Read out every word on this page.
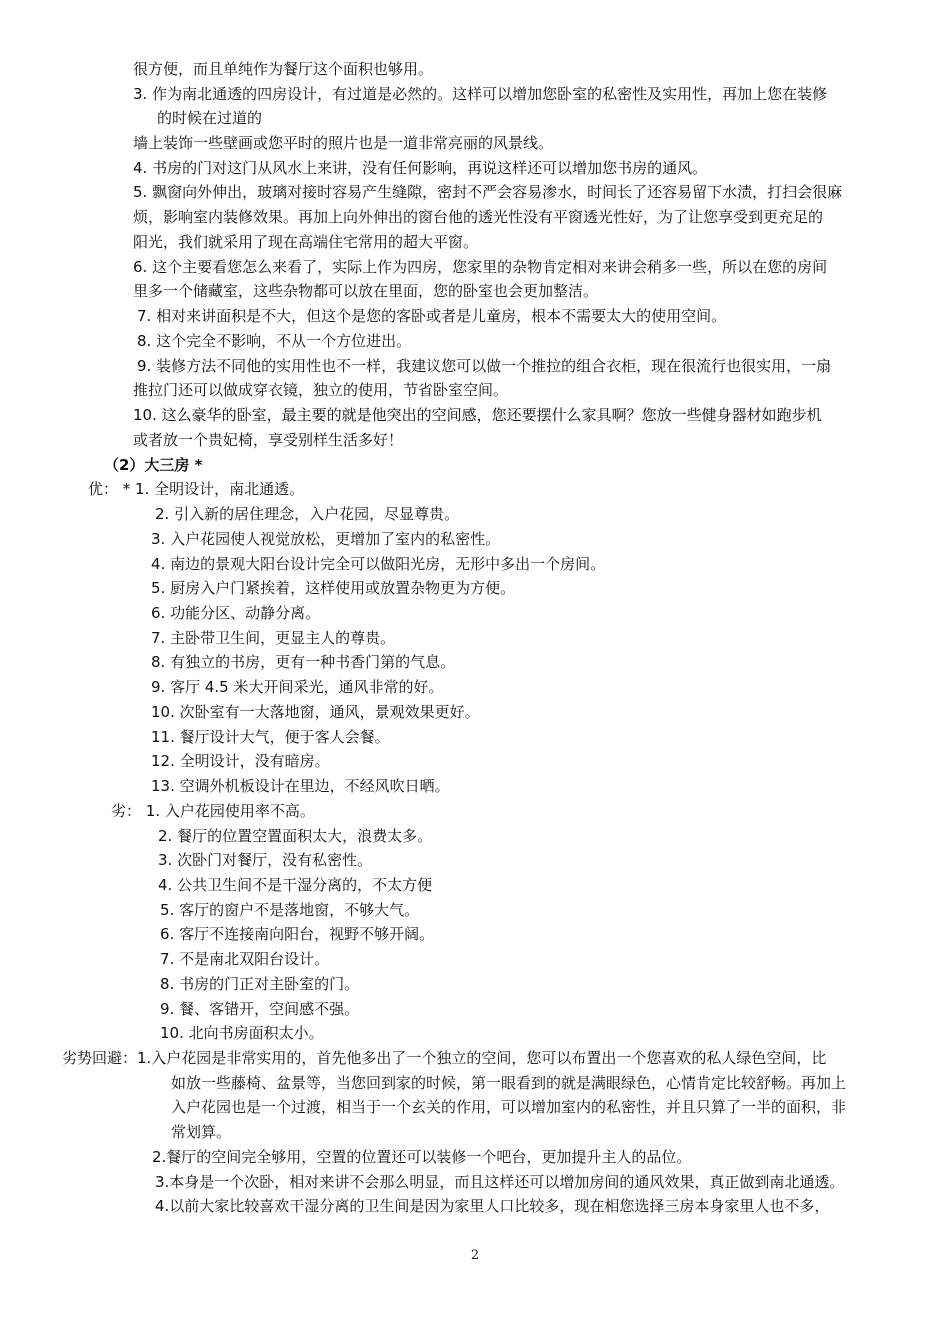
很方便，而且单纯作为餐厅这个面积也够用。
3. 作为南北通透的四房设计，有过道是必然的。这样可以增加您卧室的私密性及实用性，再加上您在装修
的时候在过道的
墙上装饰一些壁画或您平时的照片也是一道非常亮丽的风景线。
4. 书房的门对这门从风水上来讲，没有任何影响，再说这样还可以增加您书房的通风。
5. 飘窗向外伸出，玻璃对接时容易产生缝隙，密封不严会容易渗水，时间长了还容易留下水渍，打扫会很麻
烦，影响室内装修效果。再加上向外伸出的窗台他的透光性没有平窗透光性好，为了让您享受到更充足的
阳光，我们就采用了现在高端住宅常用的超大平窗。
6. 这个主要看您怎么来看了，实际上作为四房，您家里的杂物肯定相对来讲会稍多一些，所以在您的房间
里多一个储藏室，这些杂物都可以放在里面，您的卧室也会更加整洁。
7. 相对来讲面积是不大，但这个是您的客卧或者是儿童房，根本不需要太大的使用空间。
8. 这个完全不影响，不从一个方位进出。
9. 装修方法不同他的实用性也不一样，我建议您可以做一个推拉的组合衣柜，现在很流行也很实用，一扇
推拉门还可以做成穿衣镜，独立的使用，节省卧室空间。
10. 这么豪华的卧室，最主要的就是他突出的空间感，您还要摆什么家具啊？您放一些健身器材如跑步机
或者放一个贵妃椅，享受别样生活多好！
（2）大三房 *
优： * 1. 全明设计，南北通透。
2. 引入新的居住理念，入户花园，尽显尊贵。
3. 入户花园使人视觉放松，更增加了室内的私密性。
4. 南边的景观大阳台设计完全可以做阳光房，无形中多出一个房间。
5. 厨房入户门紧挨着，这样使用或放置杂物更为方便。
6. 功能分区、动静分离。
7. 主卧带卫生间，更显主人的尊贵。
8. 有独立的书房，更有一种书香门第的气息。
9. 客厅 4.5 米大开间采光，通风非常的好。
10. 次卧室有一大落地窗，通风，景观效果更好。
11. 餐厅设计大气，便于客人会餐。
12. 全明设计，没有暗房。
13. 空调外机板设计在里边，不经风吹日晒。
劣： 1. 入户花园使用率不高。
2. 餐厅的位置空置面积太大，浪费太多。
3. 次卧门对餐厅，没有私密性。
4. 公共卫生间不是干湿分离的，不太方便
5. 客厅的窗户不是落地窗，不够大气。
6. 客厅不连接南向阳台，视野不够开阔。
7. 不是南北双阳台设计。
8. 书房的门正对主卧室的门。
9. 餐、客错开，空间感不强。
10. 北向书房面积太小。
劣势回避：1.入户花园是非常实用的，首先他多出了一个独立的空间，您可以布置出一个您喜欢的私人绿色空间，比
如放一些藤椅、盆景等，当您回到家的时候，第一眼看到的就是满眼绿色，心情肯定比较舒畅。再加上
入户花园也是一个过渡，相当于一个玄关的作用，可以增加室内的私密性，并且只算了一半的面积，非
常划算。
2.餐厅的空间完全够用，空置的位置还可以装修一个吧台，更加提升主人的品位。
3.本身是一个次卧，相对来讲不会那么明显，而且这样还可以增加房间的通风效果，真正做到南北通透。
4.以前大家比较喜欢干湿分离的卫生间是因为家里人口比较多，现在相您选择三房本身家里人也不多，
2
